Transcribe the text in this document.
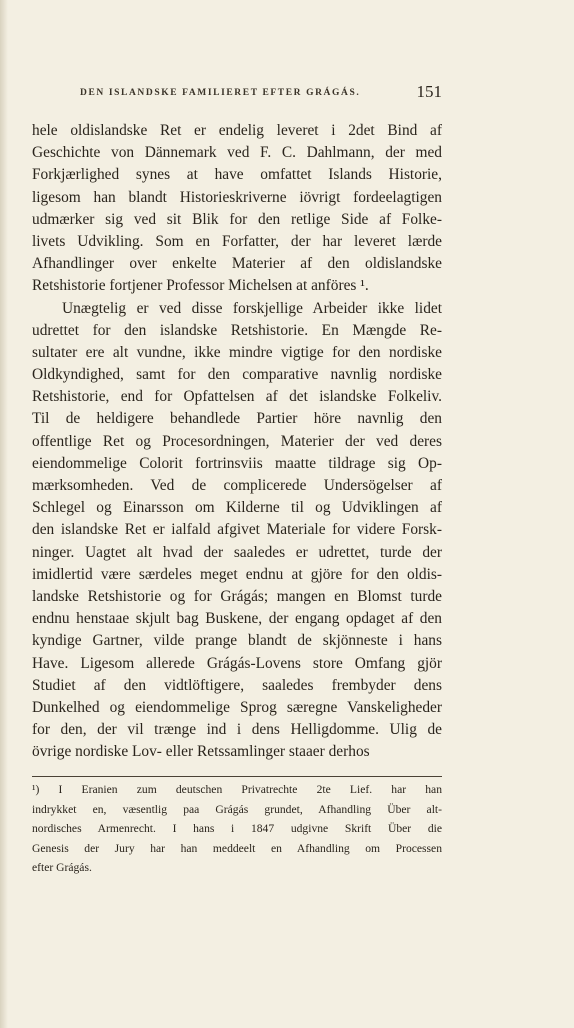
DEN ISLANDSKE FAMILIERET EFTER GRÁGÁS.	151
hele oldislandske Ret er endelig leveret i 2det Bind af
Geschichte von Dännemark ved F. C. Dahlmann, der med
Forkjærlighed synes at have omfattet Islands Historie,
ligesom han blandt Historieskriverne iövrigt fordeelagtigen
udmærker sig ved sit Blik for den retlige Side af Folke-
livets Udvikling. Som en Forfatter, der har leveret lærde
Afhandlinger over enkelte Materier af den oldislandske
Retshistorie fortjener Professor Michelsen at anföres ¹.
Unægtelig er ved disse forskjellige Arbeider ikke lidet
udrettet for den islandske Retshistorie. En Mængde Re-
sultater ere alt vundne, ikke mindre vigtige for den nordiske
Oldkyndighed, samt for den comparative navnlig nordiske
Retshistorie, end for Opfattelsen af det islandske Folkeliv.
Til de heldigere behandlede Partier höre navnlig den
offentlige Ret og Procesordningen, Materier der ved deres
eiendommelige Colorit fortrinsviis maatte tildrage sig Op-
mærksomheden. Ved de complicerede Undersögelser af
Schlegel og Einarsson om Kilderne til og Udviklingen af
den islandske Ret er ialfald afgivet Materiale for videre Forsk-
ninger. Uagtet alt hvad der saaledes er udrettet, turde der
imidlertid være særdeles meget endnu at gjöre for den oldis-
landske Retshistorie og for Grágás; mangen en Blomst turde
endnu henstaae skjult bag Buskene, der engang opdaget af den
kyndige Gartner, vilde prange blandt de skjönneste i hans
Have. Ligesom allerede Grágás-Lovens store Omfang gjör
Studiet af den vidtlöftigere, saaledes frembyder dens
Dunkelhed og eiendommelige Sprog særegne Vanskeligheder
for den, der vil trænge ind i dens Helligdomme. Ulig de
övrige nordiske Lov- eller Retssamlinger staaer derhos
¹) I Eranien zum deutschen Privatrechte 2te Lief. har han
indrykket en, væsentlig paa Grágás grundet, Afhandling Über alt-
nordisches Armenrecht. I hans i 1847 udgivne Skrift Über die
Genesis der Jury har han meddeelt en Afhandling om Processen
efter Grágás.
